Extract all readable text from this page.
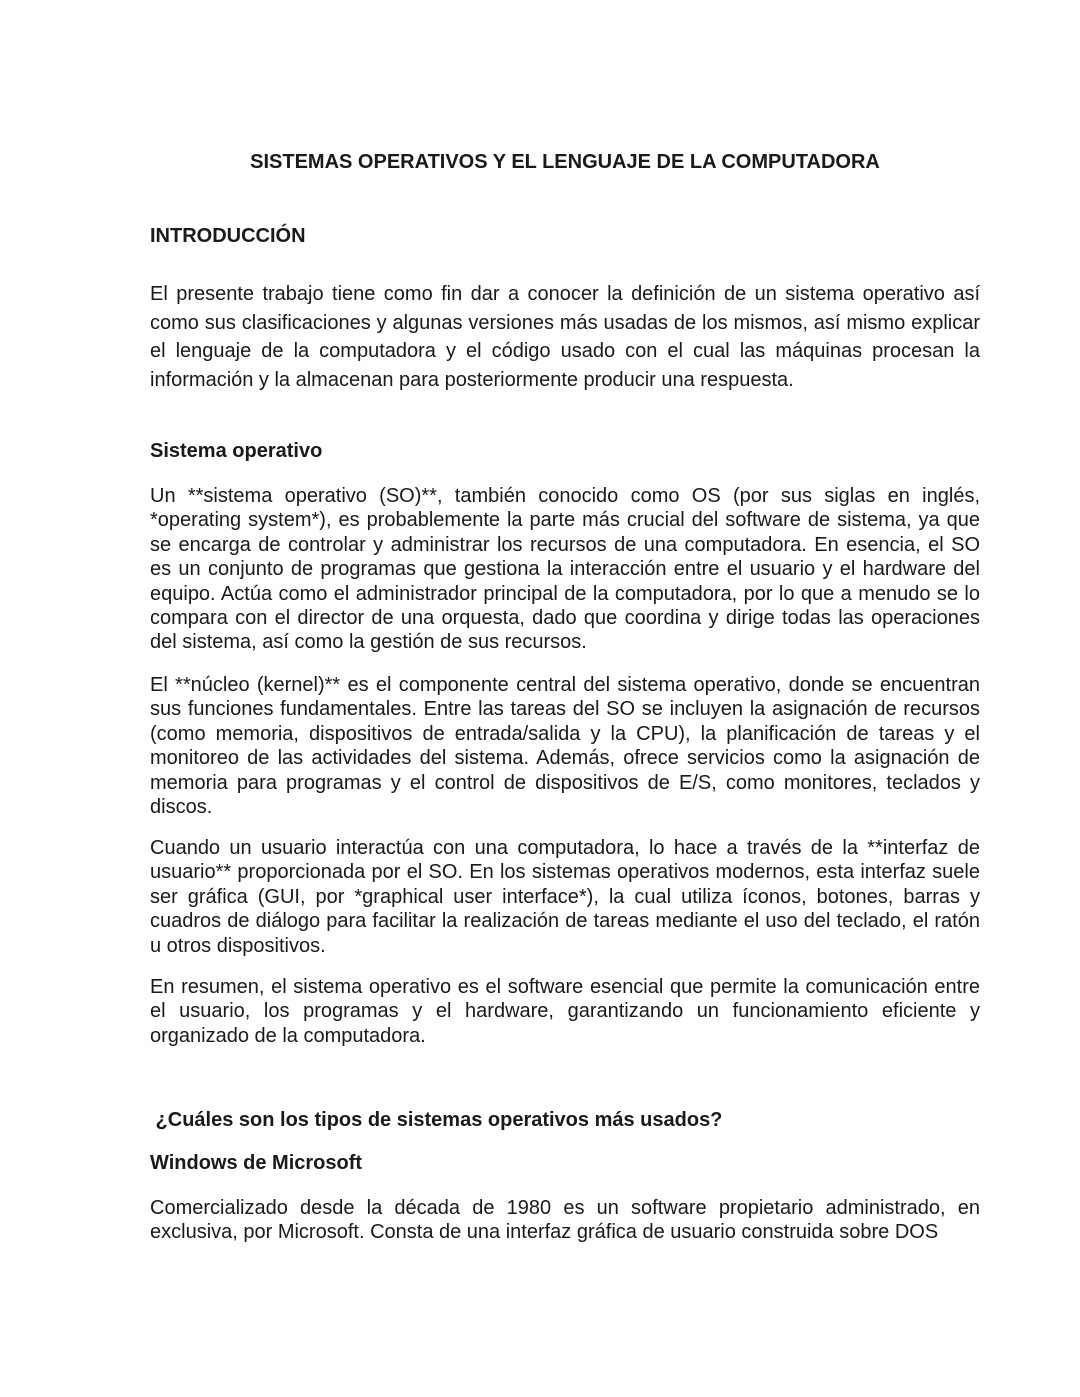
SISTEMAS OPERATIVOS Y EL LENGUAJE DE LA COMPUTADORA
INTRODUCCIÓN

El presente trabajo tiene como fin dar a conocer la definición de un sistema operativo así como sus clasificaciones y algunas versiones más usadas de los mismos, así mismo explicar el lenguaje de la computadora y el código usado con el cual las máquinas procesan la información y la almacenan para posteriormente producir una respuesta.

Sistema operativo

Un **sistema operativo (SO)**, también conocido como OS (por sus siglas en inglés, *operating system*), es probablemente la parte más crucial del software de sistema, ya que se encarga de controlar y administrar los recursos de una computadora. En esencia, el SO es un conjunto de programas que gestiona la interacción entre el usuario y el hardware del equipo. Actúa como el administrador principal de la computadora, por lo que a menudo se lo compara con el director de una orquesta, dado que coordina y dirige todas las operaciones del sistema, así como la gestión de sus recursos.

El **núcleo (kernel)** es el componente central del sistema operativo, donde se encuentran sus funciones fundamentales. Entre las tareas del SO se incluyen la asignación de recursos (como memoria, dispositivos de entrada/salida y la CPU), la planificación de tareas y el monitoreo de las actividades del sistema. Además, ofrece servicios como la asignación de memoria para programas y el control de dispositivos de E/S, como monitores, teclados y discos.

Cuando un usuario interactúa con una computadora, lo hace a través de la **interfaz de usuario** proporcionada por el SO. En los sistemas operativos modernos, esta interfaz suele ser gráfica (GUI, por *graphical user interface*), la cual utiliza íconos, botones, barras y cuadros de diálogo para facilitar la realización de tareas mediante el uso del teclado, el ratón u otros dispositivos.

En resumen, el sistema operativo es el software esencial que permite la comunicación entre el usuario, los programas y el hardware, garantizando un funcionamiento eficiente y organizado de la computadora.

¿Cuáles son los tipos de sistemas operativos más usados?
Windows de Microsoft

Comercializado desde la década de 1980 es un software propietario administrado, en exclusiva, por Microsoft. Consta de una interfaz gráfica de usuario construida sobre DOS
